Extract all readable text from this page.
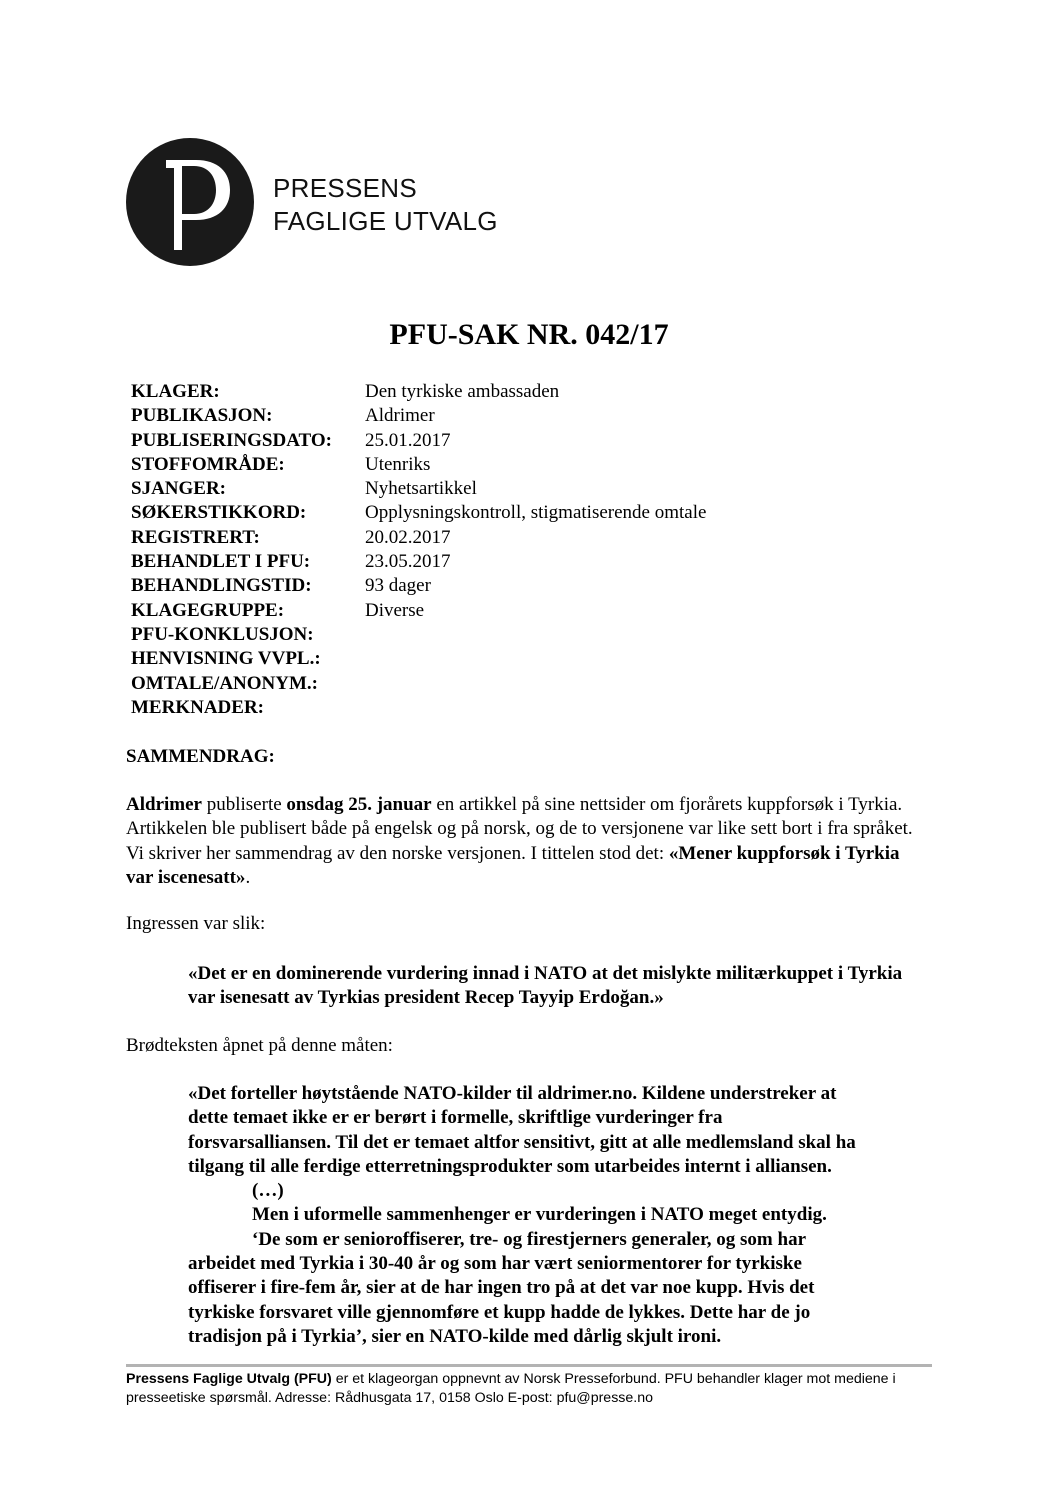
PRESSENS
FAGLIGE UTVALG
PFU-SAK NR. 042/17
KLAGER:	Den tyrkiske ambassaden
PUBLIKASJON:	Aldrimer
PUBLISERINGSDATO:	25.01.2017
STOFFOMRÅDE:	Utenriks
SJANGER:	Nyhetsartikkel
SØKERSTIKKORD:	Opplysningskontroll, stigmatiserende omtale
REGISTRERT:	20.02.2017
BEHANDLET I PFU:	23.05.2017
BEHANDLINGSTID:	93 dager
KLAGEGRUPPE:	Diverse
PFU-KONKLUSJON:
HENVISNING VVPL.:
OMTALE/ANONYM.:
MERKNADER:
SAMMENDRAG:

Aldrimer publiserte onsdag 25. januar en artikkel på sine nettsider om fjorårets kuppforsøk i Tyrkia. Artikkelen ble publisert både på engelsk og på norsk, og de to versjonene var like sett bort i fra språket. Vi skriver her sammendrag av den norske versjonen. I tittelen stod det: «Mener kuppforsøk i Tyrkia var iscenesatt».

Ingressen var slik:

«Det er en dominerende vurdering innad i NATO at det mislykte militærkuppet i Tyrkia var isenesatt av Tyrkias president Recep Tayyip Erdoğan.»

Brødteksten åpnet på denne måten:

«Det forteller høytstående NATO-kilder til aldrimer.no. Kildene understreker at
dette temaet ikke er er berørt i formelle, skriftlige vurderinger fra
forsvarsalliansen. Til det er temaet altfor sensitivt, gitt at alle medlemsland skal ha
tilgang til alle ferdige etterretningsprodukter som utarbeides internt i alliansen.
(…)
Men i uformelle sammenhenger er vurderingen i NATO meget entydig.
‘De som er senioroffiserer, tre- og firestjerners generaler, og som har
arbeidet med Tyrkia i 30-40 år og som har vært seniormentorer for tyrkiske
offiserer i fire-fem år, sier at de har ingen tro på at det var noe kupp. Hvis det
tyrkiske forsvaret ville gjennomføre et kupp hadde de lykkes. Dette har de jo
tradisjon på i Tyrkia’, sier en NATO-kilde med dårlig skjult ironi.

Pressens Faglige Utvalg (PFU) er et klageorgan oppnevnt av Norsk Presseforbund. PFU behandler klager mot mediene i presseetiske spørsmål. Adresse: Rådhusgata 17, 0158 Oslo E-post: pfu@presse.no
